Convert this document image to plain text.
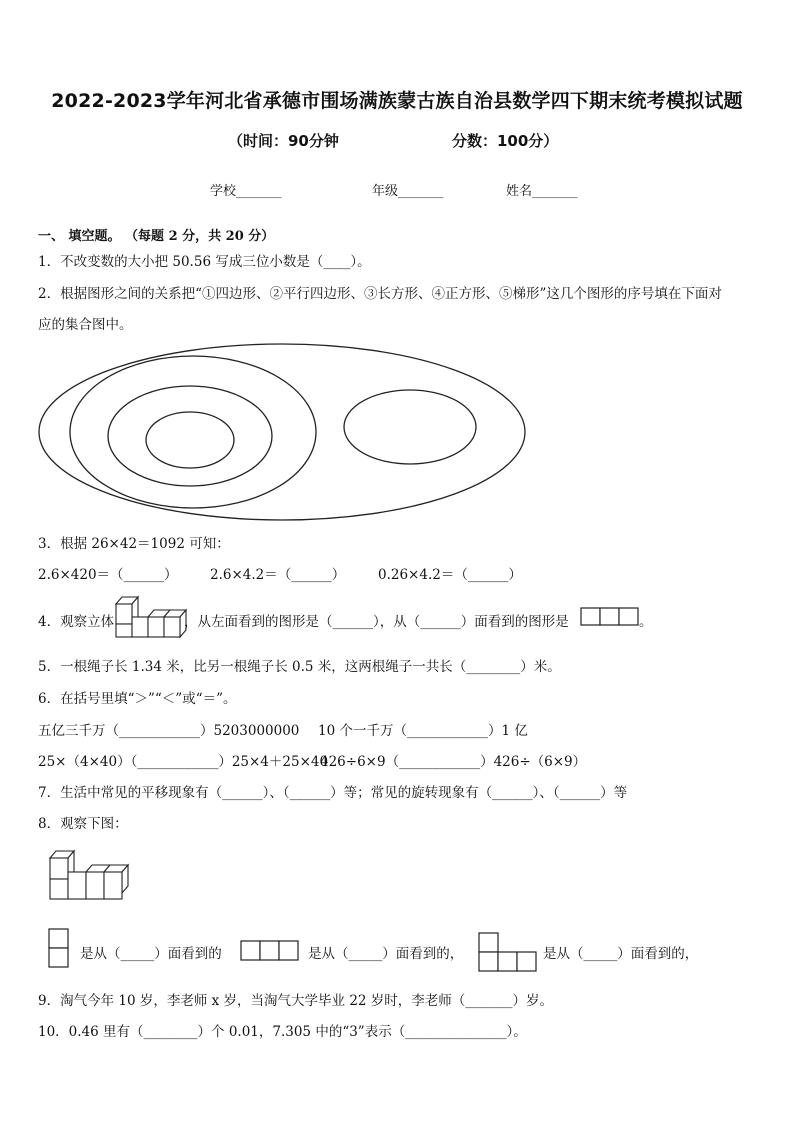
2022-2023学年河北省承德市围场满族蒙古族自治县数学四下期末统考模拟试题
（时间：90分钟	分数：100分）
学校_______	年级_______	姓名_______
一、 填空题。 （每题 2 分，共 20 分）
1．不改变数的大小把 50.56 写成三位小数是（____）。
2．根据图形之间的关系把“①四边形、②平行四边形、③长方形、④正方形、⑤梯形”这几个图形的序号填在下面对
应的集合图中。
3．根据 26×42＝1092 可知：
2.6×420＝（______） 2.6×4.2＝（______） 0.26×4.2＝（______）
4．观察立体	，从左面看到的图形是（______），从（______）面看到的图形是	。
5．一根绳子长 1.34 米，比另一根绳子长 0.5 米，这两根绳子一共长（________）米。
6．在括号里填“＞”“＜”或“＝”。
五亿三千万（____________）5203000000 10 个一千万（____________）1 亿
25×（4×40）（____________）25×4＋25×40
426÷6×9（____________）426÷（6×9）
7．生活中常见的平移现象有（______）、（______）等；常见的旋转现象有（______）、（______）等
8．观察下图：
是从（_____）面看到的	是从（_____）面看到的，	是从（_____）面看到的，
9．淘气今年 10 岁，李老师 x 岁，当淘气大学毕业 22 岁时，李老师（_______）岁。
10．0.46 里有（________）个 0.01，7.305 中的“3”表示（_______________）。
